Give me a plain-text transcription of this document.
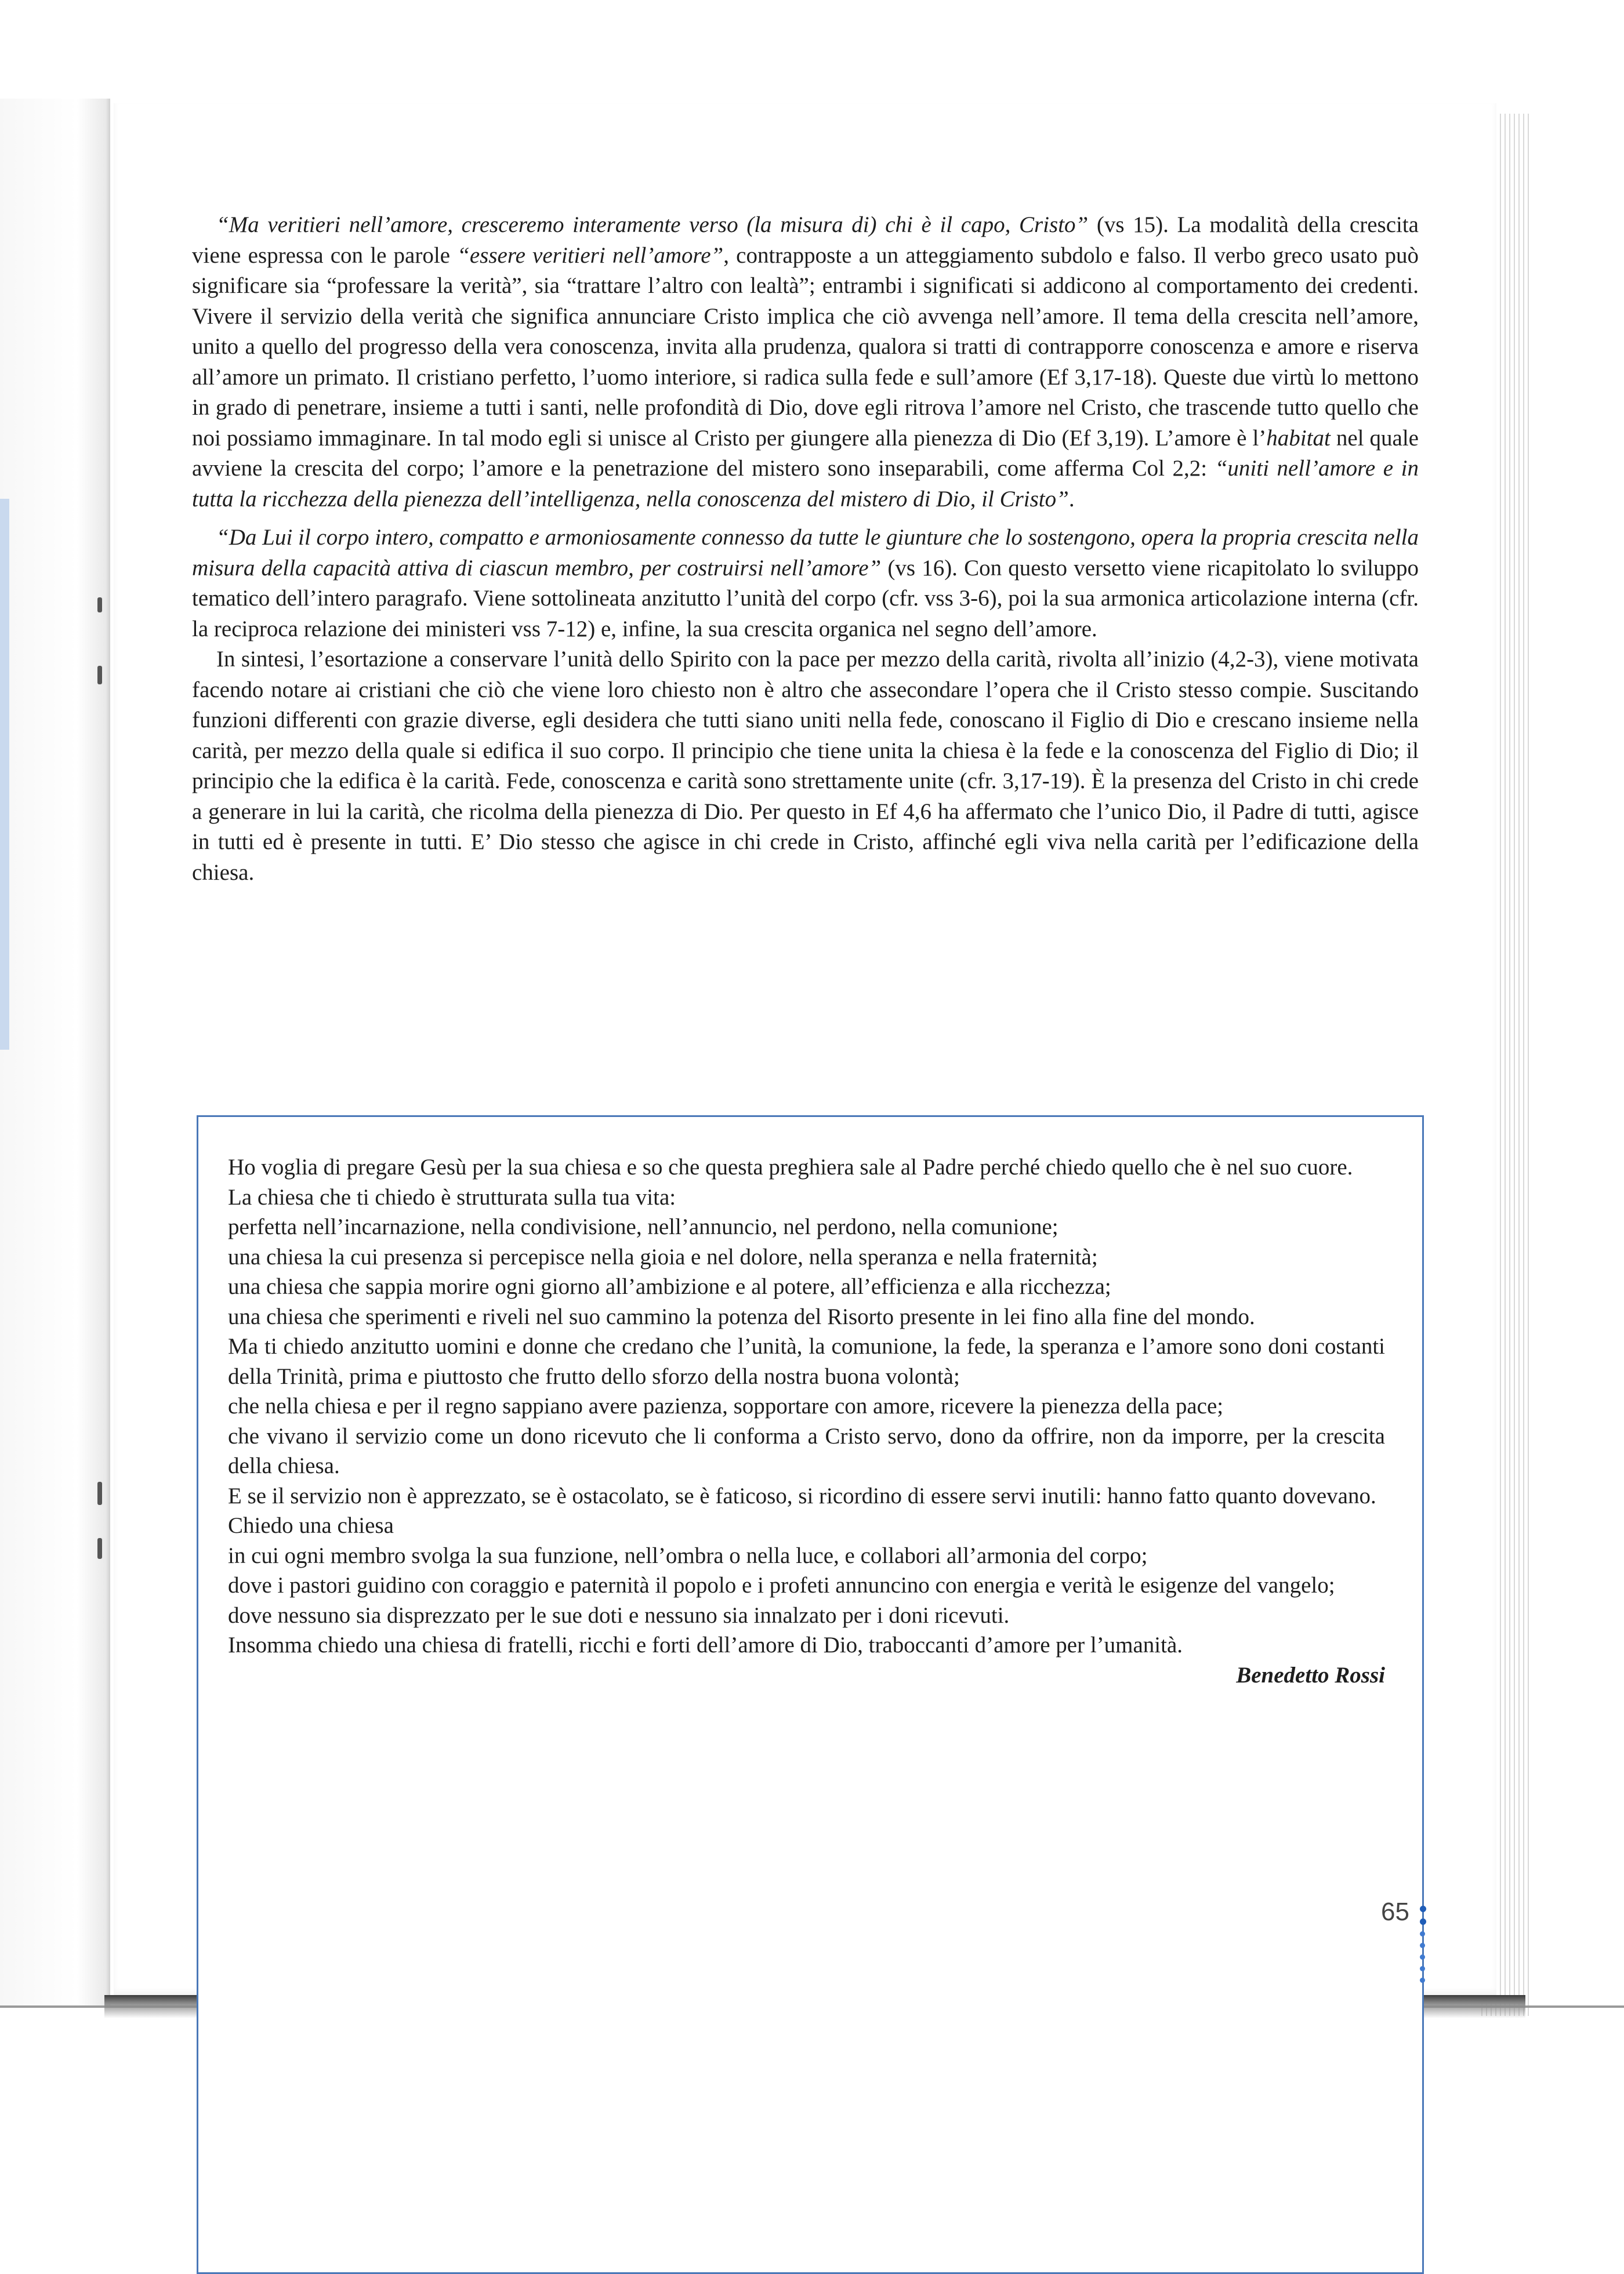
“Ma veritieri nell’amore, cresceremo interamente verso (la misura di) chi è il capo, Cristo” (vs 15). La modalità della crescita viene espressa con le parole “essere veritieri nell’amore”, contrapposte a un atteggiamento subdolo e falso. Il verbo greco usato può significare sia “professare la verità”, sia “trattare l’altro con lealtà”; entrambi i significati si addicono al comportamento dei credenti. Vivere il servizio della verità che significa annunciare Cristo implica che ciò avvenga nell’amore. Il tema della crescita nell’amore, unito a quello del progresso della vera conoscenza, invita alla prudenza, qualora si tratti di contrapporre conoscenza e amore e riserva all’amore un primato. Il cristiano perfetto, l’uomo interiore, si radica sulla fede e sull’amore (Ef 3,17-18). Queste due virtù lo mettono in grado di penetrare, insieme a tutti i santi, nelle profondità di Dio, dove egli ritrova l’amore nel Cristo, che trascende tutto quello che noi possiamo immaginare. In tal modo egli si unisce al Cristo per giungere alla pienezza di Dio (Ef 3,19). L’amore è l’habitat nel quale avviene la crescita del corpo; l’amore e la penetrazione del mistero sono inseparabili, come afferma Col 2,2: “uniti nell’amore e in tutta la ricchezza della pienezza dell’intelligenza, nella conoscenza del mistero di Dio, il Cristo”.

“Da Lui il corpo intero, compatto e armoniosamente connesso da tutte le giunture che lo sostengono, opera la propria crescita nella misura della capacità attiva di ciascun membro, per costruirsi nell’amore” (vs 16). Con questo versetto viene ricapitolato lo sviluppo tematico dell’intero paragrafo. Viene sottolineata anzitutto l’unità del corpo (cfr. vss 3-6), poi la sua armonica articolazione interna (cfr. la reciproca relazione dei ministeri vss 7-12) e, infine, la sua crescita organica nel segno dell’amore.

In sintesi, l’esortazione a conservare l’unità dello Spirito con la pace per mezzo della carità, rivolta all’inizio (4,2-3), viene motivata facendo notare ai cristiani che ciò che viene loro chiesto non è altro che assecondare l’opera che il Cristo stesso compie. Suscitando funzioni differenti con grazie diverse, egli desidera che tutti siano uniti nella fede, conoscano il Figlio di Dio e crescano insieme nella carità, per mezzo della quale si edifica il suo corpo. Il principio che tiene unita la chiesa è la fede e la conoscenza del Figlio di Dio; il principio che la edifica è la carità. Fede, conoscenza e carità sono strettamente unite (cfr. 3,17-19). È la presenza del Cristo in chi crede a generare in lui la carità, che ricolma della pienezza di Dio. Per questo in Ef 4,6 ha affermato che l’unico Dio, il Padre di tutti, agisce in tutti ed è presente in tutti. E’ Dio stesso che agisce in chi crede in Cristo, affinché egli viva nella carità per l’edificazione della chiesa.

Ho voglia di pregare Gesù per la sua chiesa e so che questa preghiera sale al Padre perché chiedo quello che è nel suo cuore.

La chiesa che ti chiedo è strutturata sulla tua vita:

perfetta nell’incarnazione, nella condivisione, nell’annuncio, nel perdono, nella comunione;

una chiesa la cui presenza si percepisce nella gioia e nel dolore, nella speranza e nella fraternità;

una chiesa che sappia morire ogni giorno all’ambizione e al potere, all’efficienza e alla ricchezza;

una chiesa che sperimenti e riveli nel suo cammino la potenza del Risorto presente in lei fino alla fine del mondo.

Ma ti chiedo anzitutto uomini e donne che credano che l’unità, la comunione, la fede, la speranza e l’amore sono doni costanti della Trinità, prima e piuttosto che frutto dello sforzo della nostra buona volontà;

che nella chiesa e per il regno sappiano avere pazienza, sopportare con amore, ricevere la pienezza della pace;

che vivano il servizio come un dono ricevuto che li conforma a Cristo servo, dono da offrire, non da imporre, per la crescita della chiesa.

E se il servizio non è apprezzato, se è ostacolato, se è faticoso, si ricordino di essere servi inutili: hanno fatto quanto dovevano.

Chiedo una chiesa

in cui ogni membro svolga la sua funzione, nell’ombra o nella luce, e collabori all’armonia del corpo;

dove i pastori guidino con coraggio e paternità il popolo e i profeti annuncino con energia e verità le esigenze del vangelo;

dove nessuno sia disprezzato per le sue doti e nessuno sia innalzato per i doni ricevuti.

Insomma chiedo una chiesa di fratelli, ricchi e forti dell’amore di Dio, traboccanti d’amore per l’umanità.

Benedetto Rossi

65
